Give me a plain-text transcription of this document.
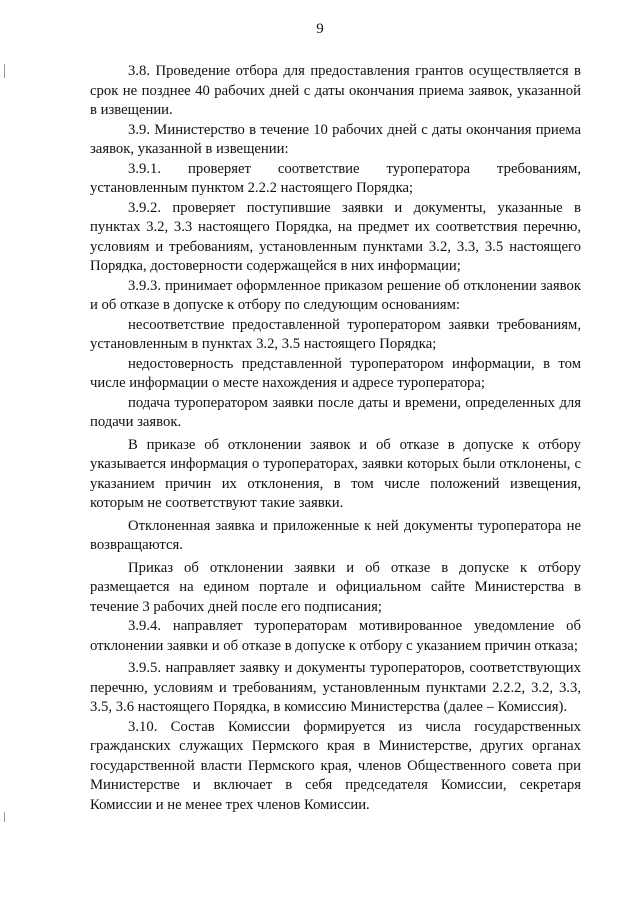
9

3.8. Проведение отбора для предоставления грантов осуществляется в срок не позднее 40 рабочих дней с даты окончания приема заявок, указанной в извещении.

3.9. Министерство в течение 10 рабочих дней с даты окончания приема заявок, указанной в извещении:

3.9.1. проверяет соответствие туроператора требованиям, установленным пунктом 2.2.2 настоящего Порядка;

3.9.2. проверяет поступившие заявки и документы, указанные в пунктах 3.2, 3.3 настоящего Порядка, на предмет их соответствия перечню, условиям и требованиям, установленным пунктами 3.2, 3.3, 3.5 настоящего Порядка, достоверности содержащейся в них информации;

3.9.3. принимает оформленное приказом решение об отклонении заявок и об отказе в допуске к отбору по следующим основаниям:

несоответствие предоставленной туроператором заявки требованиям, установленным в пунктах 3.2, 3.5 настоящего Порядка;

недостоверность представленной туроператором информации, в том числе информации о месте нахождения и адресе туроператора;

подача туроператором заявки после даты и времени, определенных для подачи заявок.

В приказе об отклонении заявок и об отказе в допуске к отбору указывается информация о туроператорах, заявки которых были отклонены, с указанием причин их отклонения, в том числе положений извещения, которым не соответствуют такие заявки.

Отклоненная заявка и приложенные к ней документы туроператора не возвращаются.

Приказ об отклонении заявки и об отказе в допуске к отбору размещается на едином портале и официальном сайте Министерства в течение 3 рабочих дней после его подписания;

3.9.4. направляет туроператорам мотивированное уведомление об отклонении заявки и об отказе в допуске к отбору с указанием причин отказа;

3.9.5. направляет заявку и документы туроператоров, соответствующих перечню, условиям и требованиям, установленным пунктами 2.2.2, 3.2, 3.3, 3.5, 3.6 настоящего Порядка, в комиссию Министерства (далее – Комиссия).

3.10. Состав Комиссии формируется из числа государственных гражданских служащих Пермского края в Министерстве, других органах государственной власти Пермского края, членов Общественного совета при Министерстве и включает в себя председателя Комиссии, секретаря Комиссии и не менее трех членов Комиссии.
